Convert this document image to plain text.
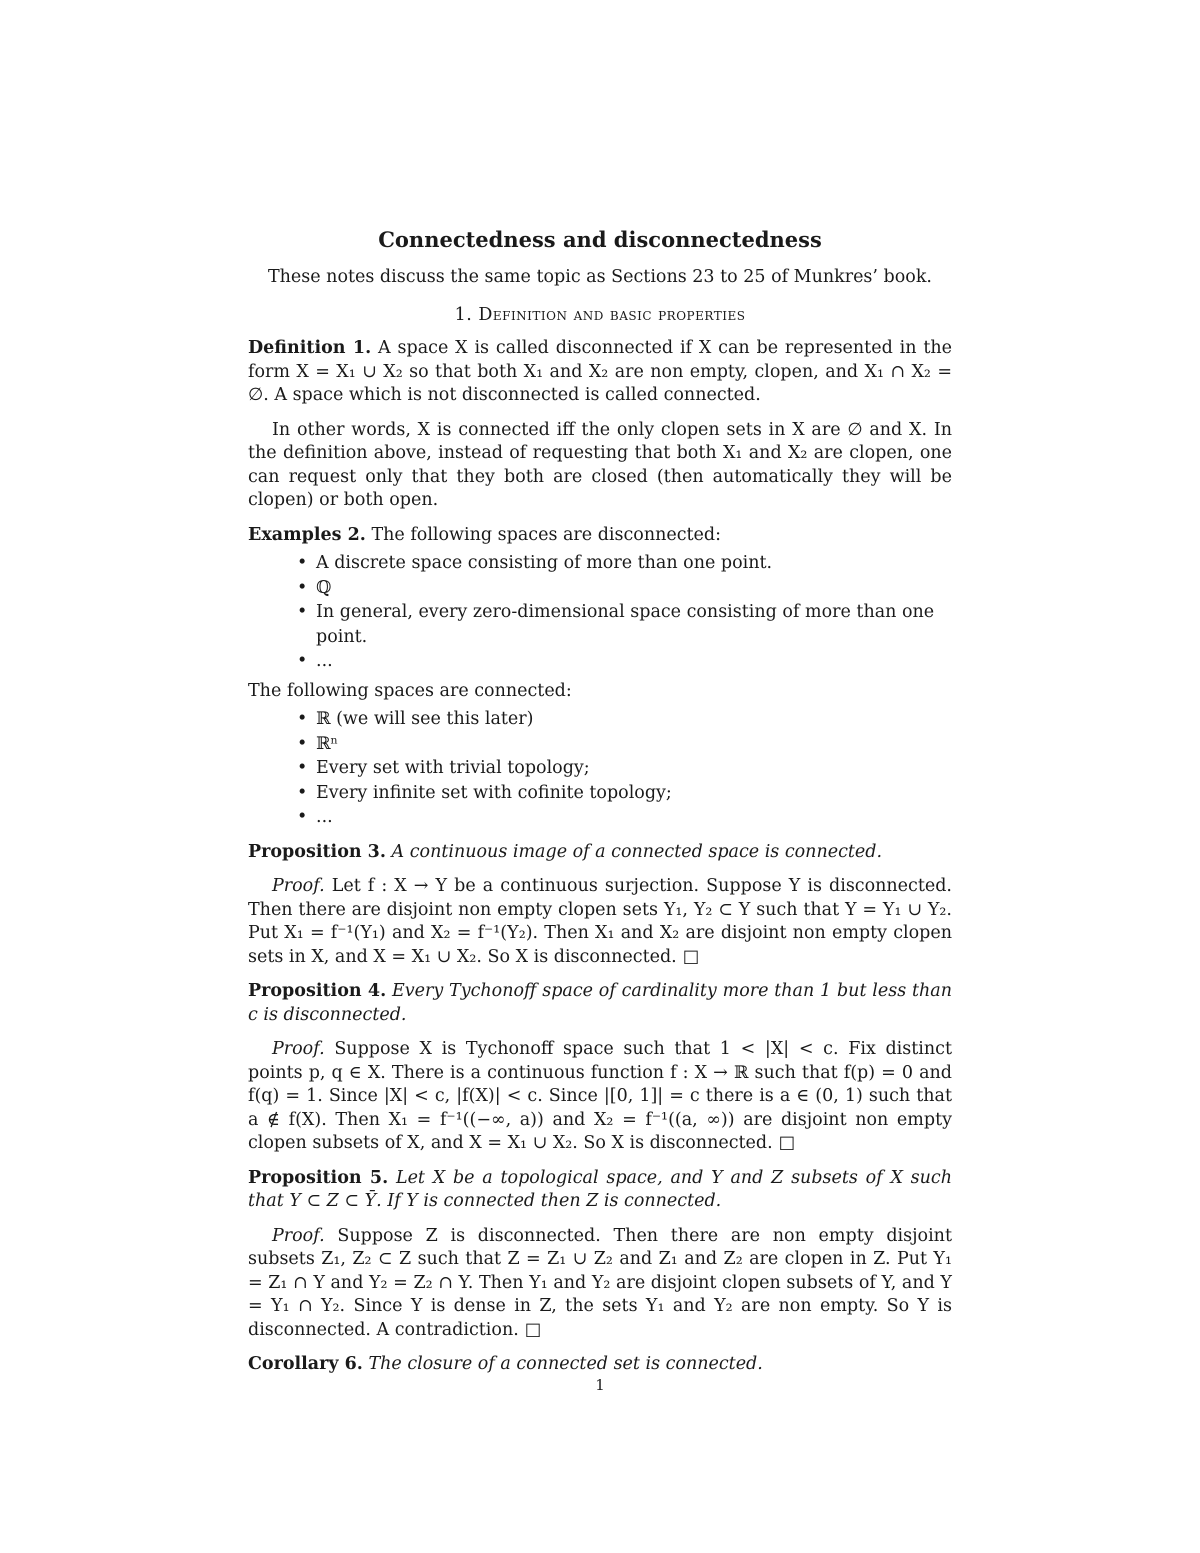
Connectedness and disconnectedness
These notes discuss the same topic as Sections 23 to 25 of Munkres’ book.
1. Definition and basic properties

Definition 1. A space X is called disconnected if X can be represented in the form X = X₁ ∪ X₂ so that both X₁ and X₂ are non empty, clopen, and X₁ ∩ X₂ = ∅. A space which is not disconnected is called connected.

In other words, X is connected iff the only clopen sets in X are ∅ and X. In the definition above, instead of requesting that both X₁ and X₂ are clopen, one can request only that they both are closed (then automatically they will be clopen) or both open.

Examples 2. The following spaces are disconnected:

• A discrete space consisting of more than one point.
• ℚ
• In general, every zero-dimensional space consisting of more than one point.
• ...

The following spaces are connected:

• ℝ (we will see this later)
• ℝⁿ
• Every set with trivial topology;
• Every infinite set with cofinite topology;
• ...

Proposition 3. A continuous image of a connected space is connected.

Proof. Let f : X → Y be a continuous surjection. Suppose Y is disconnected. Then there are disjoint non empty clopen sets Y₁, Y₂ ⊂ Y such that Y = Y₁ ∪ Y₂. Put X₁ = f⁻¹(Y₁) and X₂ = f⁻¹(Y₂). Then X₁ and X₂ are disjoint non empty clopen sets in X, and X = X₁ ∪ X₂. So X is disconnected. □

Proposition 4. Every Tychonoff space of cardinality more than 1 but less than c is disconnected.

Proof. Suppose X is Tychonoff space such that 1 < |X| < c. Fix distinct points p, q ∈ X. There is a continuous function f : X → ℝ such that f(p) = 0 and f(q) = 1. Since |X| < c, |f(X)| < c. Since |[0, 1]| = c there is a ∈ (0, 1) such that a ∉ f(X). Then X₁ = f⁻¹((−∞, a)) and X₂ = f⁻¹((a, ∞)) are disjoint non empty clopen subsets of X, and X = X₁ ∪ X₂. So X is disconnected. □

Proposition 5. Let X be a topological space, and Y and Z subsets of X such that Y ⊂ Z ⊂ Ȳ. If Y is connected then Z is connected.

Proof. Suppose Z is disconnected. Then there are non empty disjoint subsets Z₁, Z₂ ⊂ Z such that Z = Z₁ ∪ Z₂ and Z₁ and Z₂ are clopen in Z. Put Y₁ = Z₁ ∩ Y and Y₂ = Z₂ ∩ Y. Then Y₁ and Y₂ are disjoint clopen subsets of Y, and Y = Y₁ ∩ Y₂. Since Y is dense in Z, the sets Y₁ and Y₂ are non empty. So Y is disconnected. A contradiction. □

Corollary 6. The closure of a connected set is connected.

1
